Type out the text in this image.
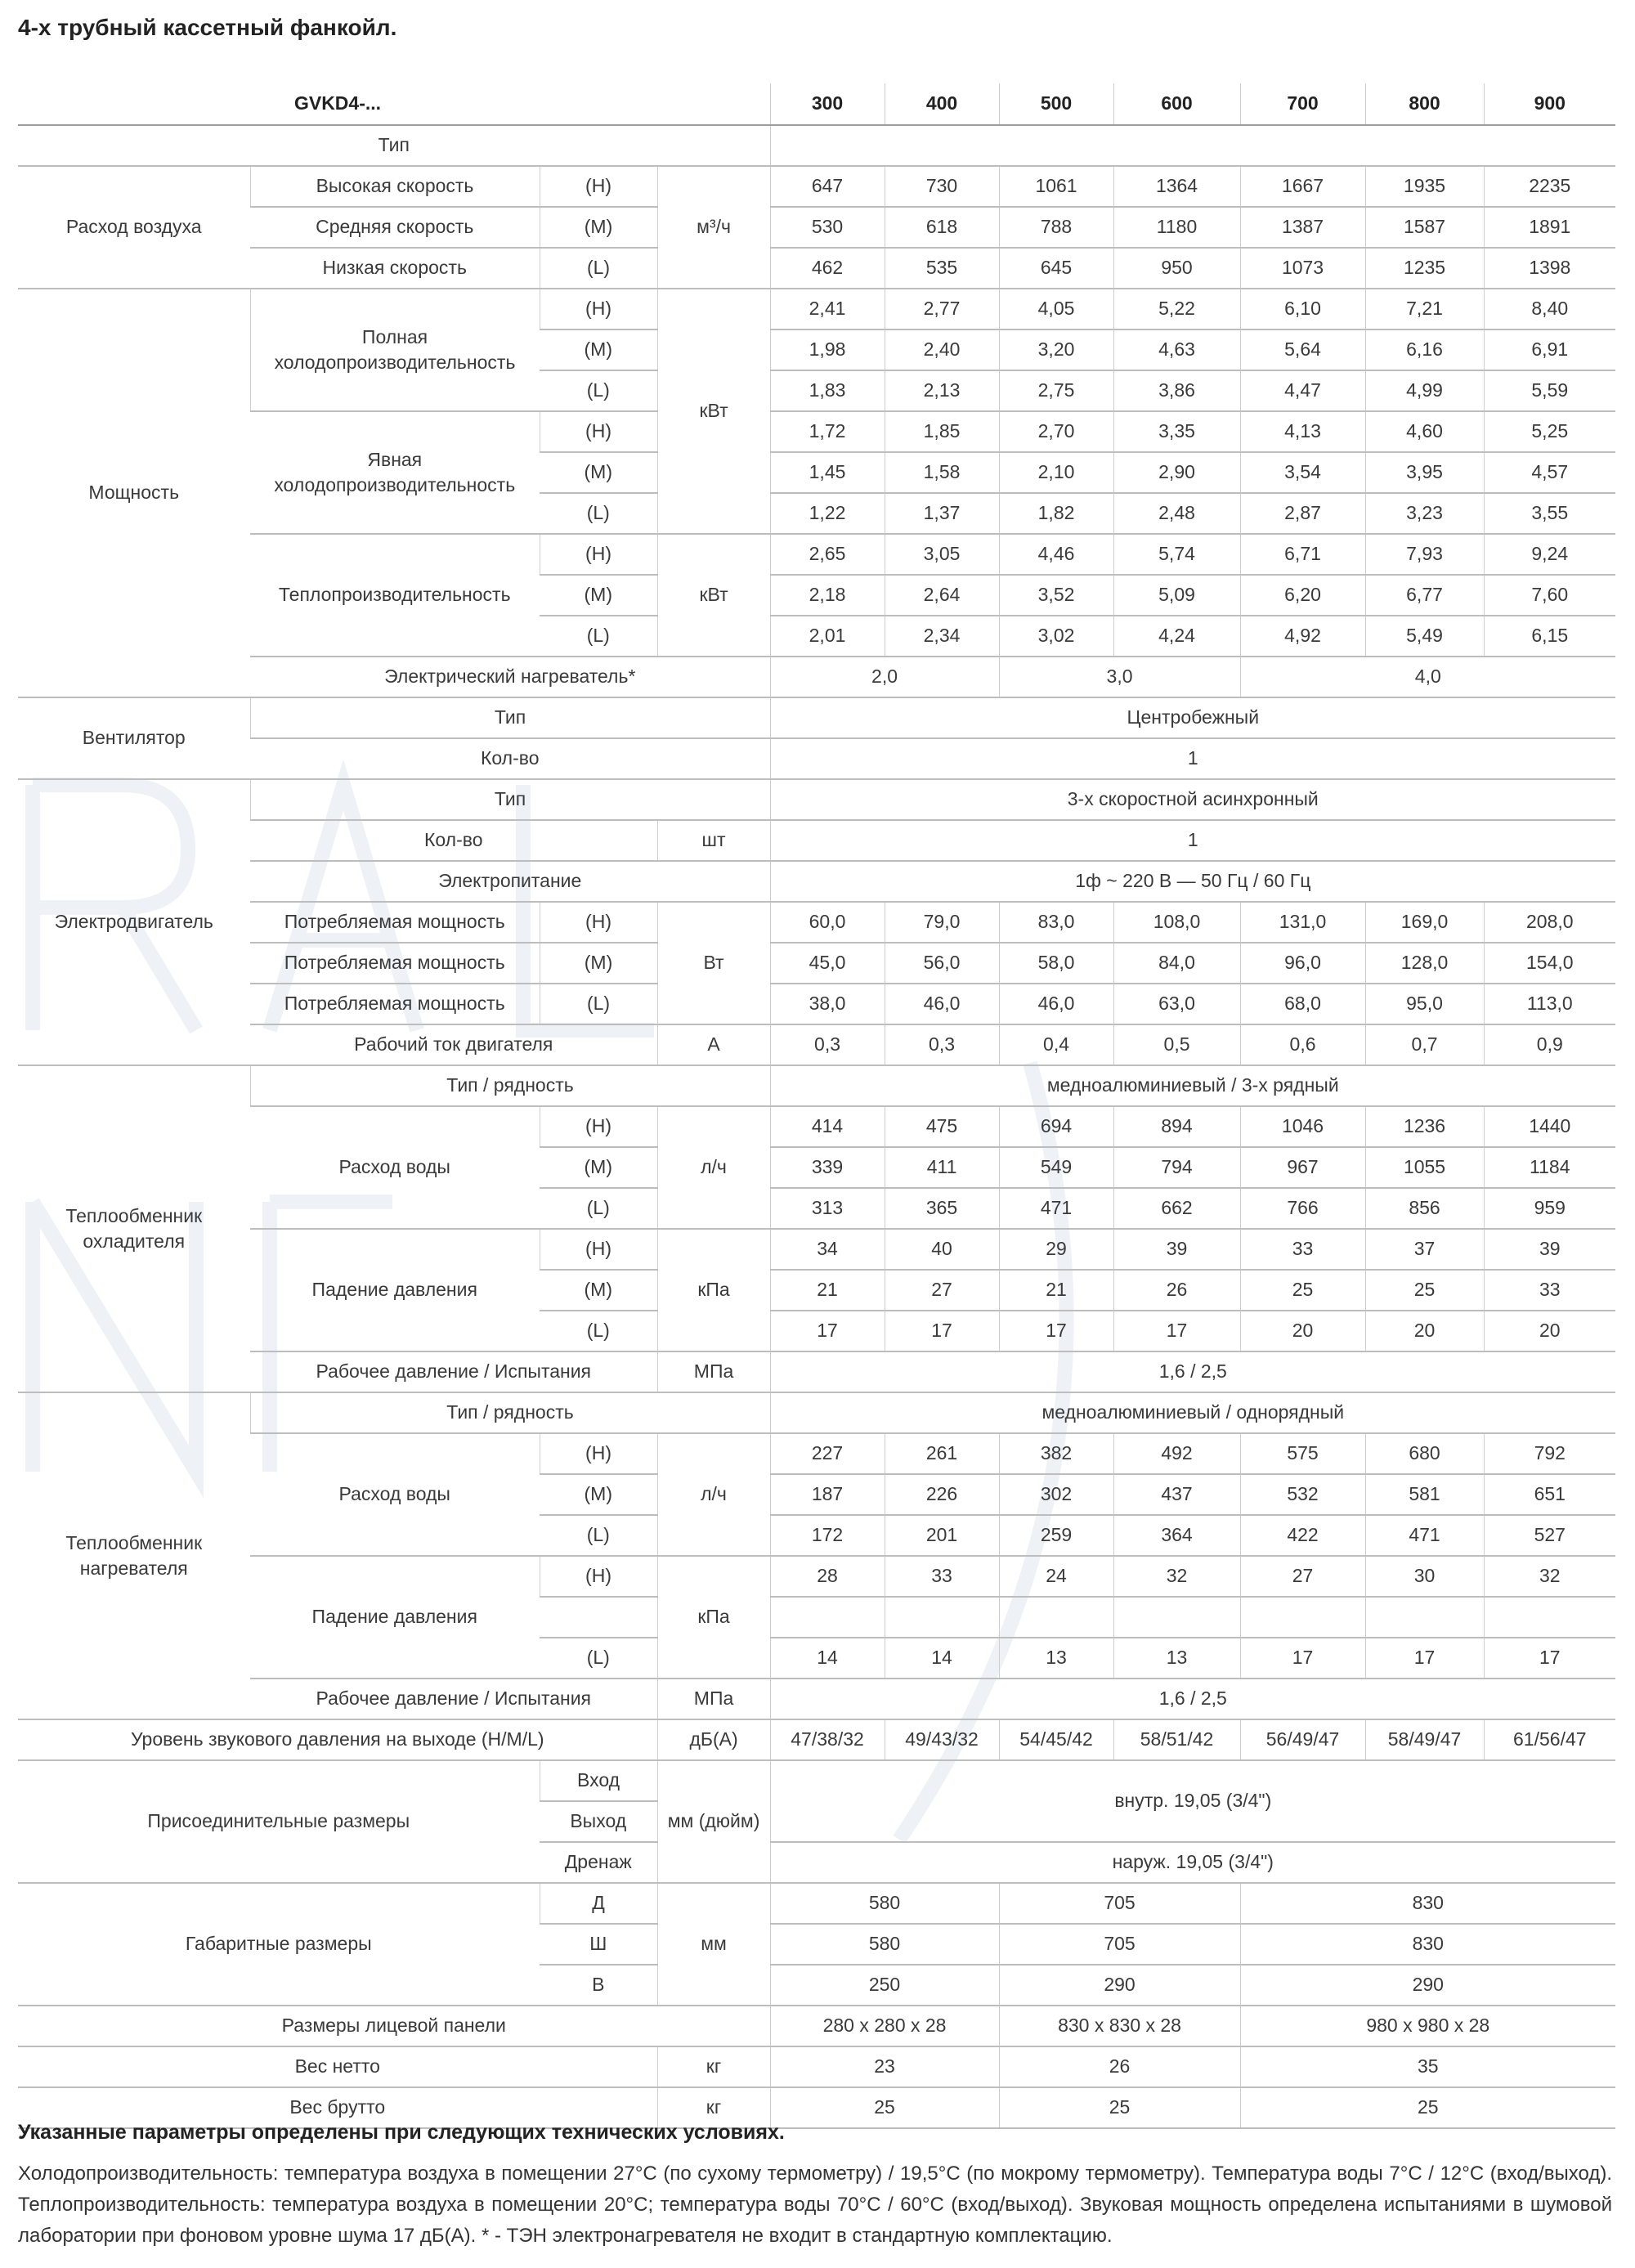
4-х трубный кассетный фанкойл.
GVKD4-...				300	400	500	600	700	800	900
Тип										
Расход воздуха	Высокая скорость	(H)	м³/ч	647	730	1061	1364	1667	1935	2235
	Средняя скорость	(M)		530	618	788	1180	1387	1587	1891
	Низкая скорость	(L)		462	535	645	950	1073	1235	1398
Мощность	Полная холодопроизводительность	(H)	кВт	2,41	2,77	4,05	5,22	6,10	7,21	8,40
		(M)		1,98	2,40	3,20	4,63	5,64	6,16	6,91
		(L)		1,83	2,13	2,75	3,86	4,47	4,99	5,59
	Явная холодопроизводительность	(H)		1,72	1,85	2,70	3,35	4,13	4,60	5,25
		(M)		1,45	1,58	2,10	2,90	3,54	3,95	4,57
		(L)		1,22	1,37	1,82	2,48	2,87	3,23	3,55
	Теплопроизводительность	(H)	кВт	2,65	3,05	4,46	5,74	6,71	7,93	9,24
		(M)		2,18	2,64	3,52	5,09	6,20	6,77	7,60
		(L)		2,01	2,34	3,02	4,24	4,92	5,49	6,15
	Электрический нагреватель*			2,0		3,0		4,0		
Вентилятор	Тип			Центробежный						
	Кол-во			1						
Электродвигатель	Тип			3-х скоростной асинхронный						
	Кол-во		шт	1						
	Электропитание			1ф ~ 220 В — 50 Гц / 60 Гц						
	Потребляемая мощность	(H)	Вт	60,0	79,0	83,0	108,0	131,0	169,0	208,0
	Потребляемая мощность	(M)		45,0	56,0	58,0	84,0	96,0	128,0	154,0
	Потребляемая мощность	(L)		38,0	46,0	46,0	63,0	68,0	95,0	113,0
	Рабочий ток двигателя		А	0,3	0,3	0,4	0,5	0,6	0,7	0,9
Теплообменник
охладителя	Тип / рядность			медноалюминиевый / 3-х рядный						
	Расход воды	(H)	л/ч	414	475	694	894	1046	1236	1440
		(M)		339	411	549	794	967	1055	1184
		(L)		313	365	471	662	766	856	959
	Падение давления	(H)	кПа	34	40	29	39	33	37	39
		(M)		21	27	21	26	25	25	33
		(L)		17	17	17	17	20	20	20
	Рабочее давление / Испытания		МПа	1,6 / 2,5						
Теплообменник
нагревателя	Тип / рядность			медноалюминиевый / однорядный						
	Расход воды	(H)	л/ч	227	261	382	492	575	680	792
		(M)		187	226	302	437	532	581	651
		(L)		172	201	259	364	422	471	527
	Падение давления	(H)	кПа	28	33	24	32	27	30	32

		(L)		14	14	13	13	17	17	17
	Рабочее давление / Испытания		МПа	1,6 / 2,5						
Уровень звукового давления на выходе (H/M/L)			дБ(A)	47/38/32	49/43/32	54/45/42	58/51/42	56/49/47	58/49/47	61/56/47
Присоединительные размеры		Вход	мм (дюйм)	внутр. 19,05 (3/4")						
		Выход								
		Дренаж		наруж. 19,05 (3/4")						
Габаритные размеры		Д	мм	580		705		830		
		Ш		580		705		830		
		В		250		290		290		
Размеры лицевой панели				280 x 280 x 28		830 x 830 x 28		980 x 980 x 28		
Вес нетто			кг	23		26		35		
Вес брутто			кг	25		25		25		
Указанные параметры определены при следующих технических условиях.
Холодопроизводительность: температура воздуха в помещении 27°С (по сухому термометру) / 19,5°С (по мокрому термометру). Температура воды 7°С / 12°С (вход/выход). Теплопроизводительность: температура воздуха в помещении 20°С; температура воды 70°С / 60°С (вход/выход). Звуковая мощность определена испытаниями в шумовой лаборатории при фоновом уровне шума 17 дБ(А). * - ТЭН электронагревателя не входит в стандартную комплектацию.
